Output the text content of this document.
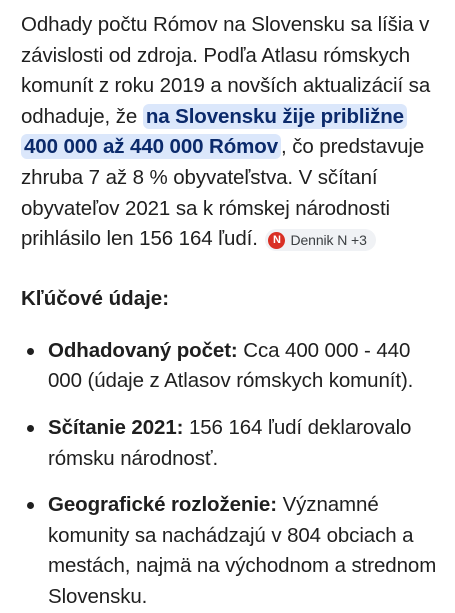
Odhady počtu Rómov na Slovensku sa líšia v závislosti od zdroja. Podľa Atlasu rómskych komunít z roku 2019 a novších aktualizácií sa odhaduje, že na Slovensku žije približne 400 000 až 440 000 Rómov , čo predstavuje zhruba 7 až 8 % obyvateľstva. V sčítaní obyvateľov 2021 sa k rómskej národnosti prihlásilo len 156 164 ľudí.	N Dennik N +3

Kľúčové údaje:
Odhadovaný počet: Cca 400 000 - 440 000 (údaje z Atlasov rómskych komunít).
Sčítanie 2021: 156 164 ľudí deklarovalo rómsku národnosť.
Geografické rozloženie: Významné komunity sa nachádzajú v 804 obciach a mestách, najmä na východnom a strednom Slovensku.
